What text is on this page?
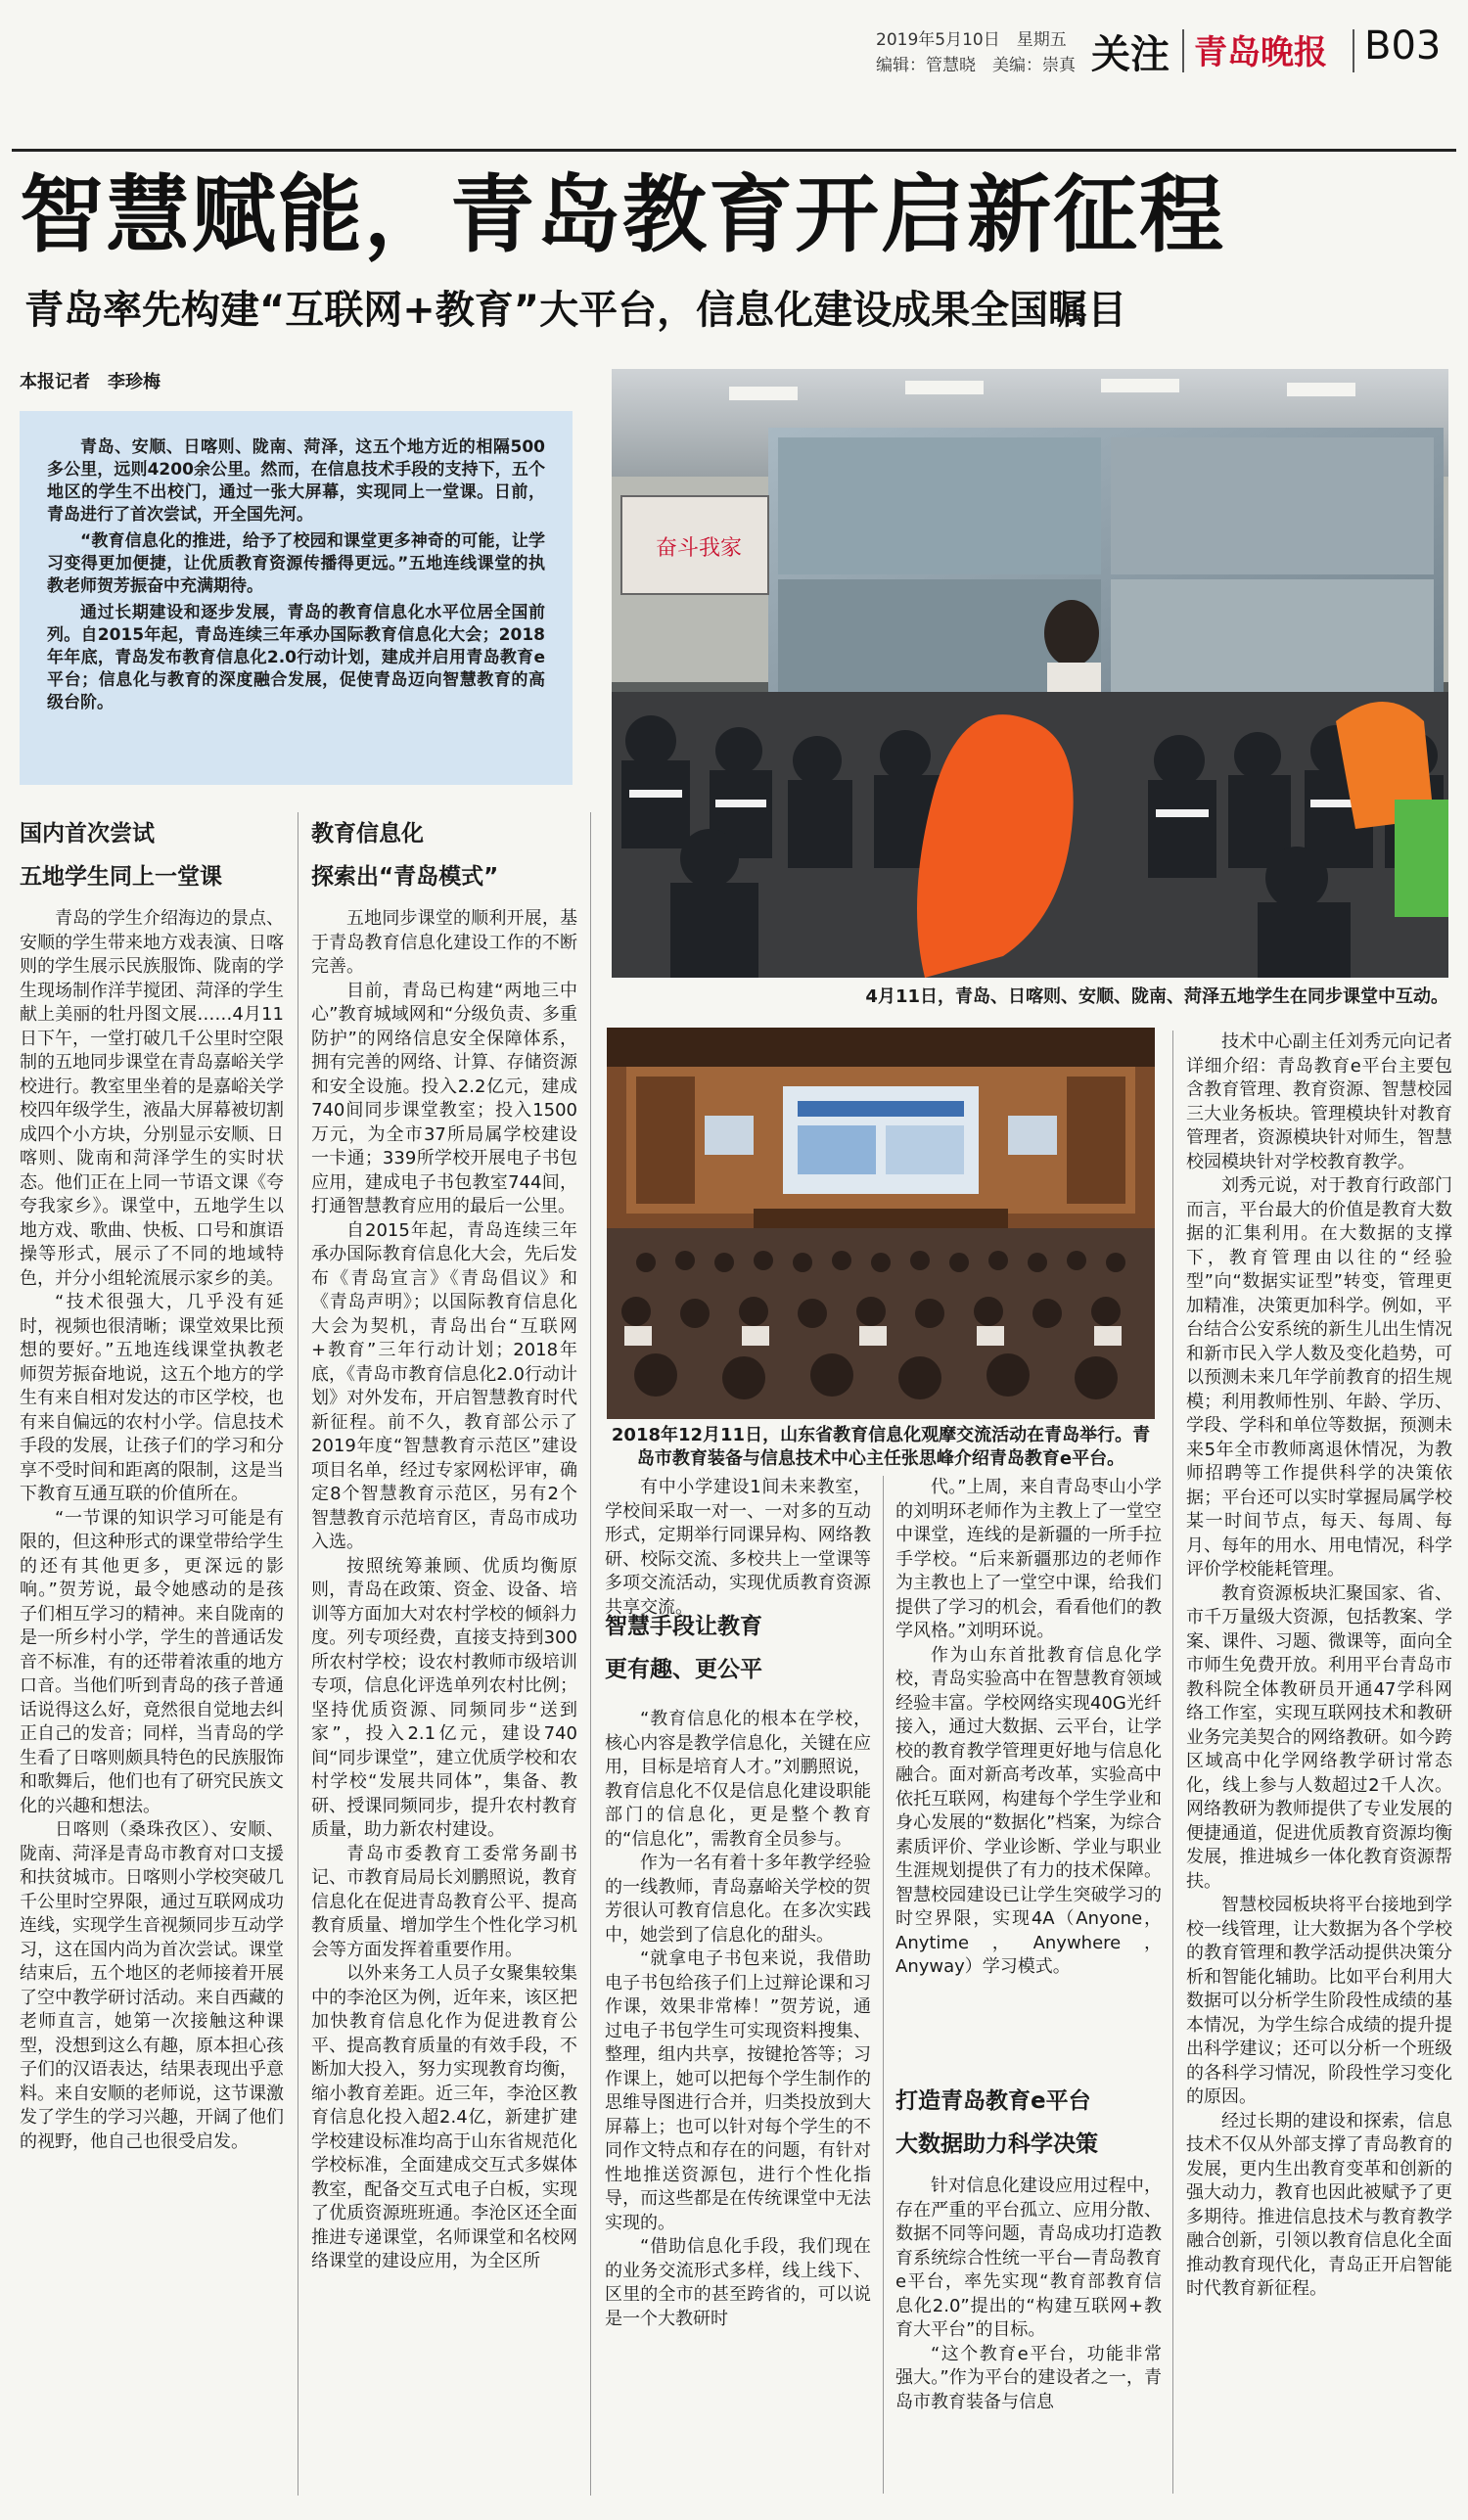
2019年5月10日　星期五
编辑：管慧晓　美编：崇真 关注 青岛晚报 B03
智慧赋能，青岛教育开启新征程
青岛率先构建“互联网+教育”大平台，信息化建设成果全国瞩目
本报记者　李珍梅

青岛、安顺、日喀则、陇南、菏泽，这五个地方近的相隔500多公里，远则4200余公里。然而，在信息技术手段的支持下，五个地区的学生不出校门，通过一张大屏幕，实现同上一堂课。日前，青岛进行了首次尝试，开全国先河。

“教育信息化的推进，给予了校园和课堂更多神奇的可能，让学习变得更加便捷，让优质教育资源传播得更远。”五地连线课堂的执教老师贺芳振奋中充满期待。

通过长期建设和逐步发展，青岛的教育信息化水平位居全国前列。自2015年起，青岛连续三年承办国际教育信息化大会；2018年年底，青岛发布教育信息化2.0行动计划，建成并启用青岛教育e平台；信息化与教育的深度融合发展，促使青岛迈向智慧教育的高级台阶。

奋斗我家
4月11日，青岛、日喀则、安顺、陇南、菏泽五地学生在同步课堂中互动。
2018年12月11日，山东省教育信息化观摩交流活动在青岛举行。青岛市教育装备与信息技术中心主任张思峰介绍青岛教育e平台。
国内首次尝试
五地学生同上一堂课

青岛的学生介绍海边的景点、安顺的学生带来地方戏表演、日喀则的学生展示民族服饰、陇南的学生现场制作洋芋搅团、菏泽的学生献上美丽的牡丹图文展……4月11日下午，一堂打破几千公里时空限制的五地同步课堂在青岛嘉峪关学校进行。教室里坐着的是嘉峪关学校四年级学生，液晶大屏幕被切割成四个小方块，分别显示安顺、日喀则、陇南和菏泽学生的实时状态。他们正在上同一节语文课《夸夸我家乡》。课堂中，五地学生以地方戏、歌曲、快板、口号和旗语操等形式，展示了不同的地域特色，并分小组轮流展示家乡的美。

“技术很强大，几乎没有延时，视频也很清晰；课堂效果比预想的要好。”五地连线课堂执教老师贺芳振奋地说，这五个地方的学生有来自相对发达的市区学校，也有来自偏远的农村小学。信息技术手段的发展，让孩子们的学习和分享不受时间和距离的限制，这是当下教育互通互联的价值所在。

“一节课的知识学习可能是有限的，但这种形式的课堂带给学生的还有其他更多，更深远的影响。”贺芳说，最令她感动的是孩子们相互学习的精神。来自陇南的是一所乡村小学，学生的普通话发音不标准，有的还带着浓重的地方口音。当他们听到青岛的孩子普通话说得这么好，竟然很自觉地去纠正自己的发音；同样，当青岛的学生看了日喀则颇具特色的民族服饰和歌舞后，他们也有了研究民族文化的兴趣和想法。

日喀则（桑珠孜区）、安顺、陇南、菏泽是青岛市教育对口支援和扶贫城市。日喀则小学校突破几千公里时空界限，通过互联网成功连线，实现学生音视频同步互动学习，这在国内尚为首次尝试。课堂结束后，五个地区的老师接着开展了空中教学研讨活动。来自西藏的老师直言，她第一次接触这种课型，没想到这么有趣，原本担心孩子们的汉语表达，结果表现出乎意料。来自安顺的老师说，这节课激发了学生的学习兴趣，开阔了他们的视野，他自己也很受启发。

教育信息化
探索出“青岛模式”

五地同步课堂的顺利开展，基于青岛教育信息化建设工作的不断完善。

目前，青岛已构建“两地三中心”教育城域网和“分级负责、多重防护”的网络信息安全保障体系，拥有完善的网络、计算、存储资源和安全设施。投入2.2亿元，建成740间同步课堂教室；投入1500万元，为全市37所局属学校建设一卡通；339所学校开展电子书包应用，建成电子书包教室744间，打通智慧教育应用的最后一公里。

自2015年起，青岛连续三年承办国际教育信息化大会，先后发布《青岛宣言》《青岛倡议》和《青岛声明》；以国际教育信息化大会为契机，青岛出台“互联网+教育”三年行动计划；2018年底，《青岛市教育信息化2.0行动计划》对外发布，开启智慧教育时代新征程。前不久，教育部公示了2019年度“智慧教育示范区”建设项目名单，经过专家网松评审，确定8个智慧教育示范区，另有2个智慧教育示范培育区，青岛市成功入选。

按照统筹兼顾、优质均衡原则，青岛在政策、资金、设备、培训等方面加大对农村学校的倾斜力度。列专项经费，直接支持到300所农村学校；设农村教师市级培训专项，信息化评选单列农村比例；坚持优质资源、同频同步“送到家”，投入2.1亿元，建设740间“同步课堂”，建立优质学校和农村学校“发展共同体”，集备、教研、授课同频同步，提升农村教育质量，助力新农村建设。

青岛市委教育工委常务副书记、市教育局局长刘鹏照说，教育信息化在促进青岛教育公平、提高教育质量、增加学生个性化学习机会等方面发挥着重要作用。

以外来务工人员子女聚集较集中的李沧区为例，近年来，该区把加快教育信息化作为促进教育公平、提高教育质量的有效手段，不断加大投入，努力实现教育均衡，缩小教育差距。近三年，李沧区教育信息化投入超2.4亿，新建扩建学校建设标准均高于山东省规范化学校标准，全面建成交互式多媒体教室，配备交互式电子白板，实现了优质资源班班通。李沧区还全面推进专递课堂，名师课堂和名校网络课堂的建设应用，为全区所

有中小学建设1间未来教室，学校间采取一对一、一对多的互动形式，定期举行同课异构、网络教研、校际交流、多校共上一堂课等多项交流活动，实现优质教育资源共享交流。

智慧手段让教育
更有趣、更公平

“教育信息化的根本在学校，核心内容是教学信息化，关键在应用，目标是培育人才。”刘鹏照说，教育信息化不仅是信息化建设职能部门的信息化，更是整个教育的“信息化”，需教育全员参与。

作为一名有着十多年教学经验的一线教师，青岛嘉峪关学校的贺芳很认可教育信息化。在多次实践中，她尝到了信息化的甜头。

“就拿电子书包来说，我借助电子书包给孩子们上过辩论课和习作课，效果非常棒！”贺芳说，通过电子书包学生可实现资料搜集、整理，组内共享，按键抢答等；习作课上，她可以把每个学生制作的思维导图进行合并，归类投放到大屏幕上；也可以针对每个学生的不同作文特点和存在的问题，有针对性地推送资源包，进行个性化指导，而这些都是在传统课堂中无法实现的。

“借助信息化手段，我们现在的业务交流形式多样，线上线下、区里的全市的甚至跨省的，可以说是一个大教研时

代。”上周，来自青岛枣山小学的刘明环老师作为主教上了一堂空中课堂，连线的是新疆的一所手拉手学校。“后来新疆那边的老师作为主教也上了一堂空中课，给我们提供了学习的机会，看看他们的教学风格。”刘明环说。

作为山东首批教育信息化学校，青岛实验高中在智慧教育领域经验丰富。学校网络实现40G光纤接入，通过大数据、云平台，让学校的教育教学管理更好地与信息化融合。面对新高考改革，实验高中依托互联网，构建每个学生学业和身心发展的“数据化”档案，为综合素质评价、学业诊断、学业与职业生涯规划提供了有力的技术保障。智慧校园建设已让学生突破学习的时空界限，实现4A（Anyone，Anytime，Anywhere，Anyway）学习模式。

打造青岛教育e平台
大数据助力科学决策

针对信息化建设应用过程中，存在严重的平台孤立、应用分散、数据不同等问题，青岛成功打造教育系统综合性统一平台—青岛教育e平台，率先实现“教育部教育信息化2.0”提出的“构建互联网+教育大平台”的目标。

“这个教育e平台，功能非常强大。”作为平台的建设者之一，青岛市教育装备与信息

技术中心副主任刘秀元向记者详细介绍：青岛教育e平台主要包含教育管理、教育资源、智慧校园三大业务板块。管理模块针对教育管理者，资源模块针对师生，智慧校园模块针对学校教育教学。

刘秀元说，对于教育行政部门而言，平台最大的价值是教育大数据的汇集利用。在大数据的支撑下，教育管理由以往的“经验型”向“数据实证型”转变，管理更加精准，决策更加科学。例如，平台结合公安系统的新生儿出生情况和新市民入学人数及变化趋势，可以预测未来几年学前教育的招生规模；利用教师性别、年龄、学历、学段、学科和单位等数据，预测未来5年全市教师离退休情况，为教师招聘等工作提供科学的决策依据；平台还可以实时掌握局属学校某一时间节点，每天、每周、每月、每年的用水、用电情况，科学评价学校能耗管理。

教育资源板块汇聚国家、省、市千万量级大资源，包括教案、学案、课件、习题、微课等，面向全市师生免费开放。利用平台青岛市教科院全体教研员开通47学科网络工作室，实现互联网技术和教研业务完美契合的网络教研。如今跨区域高中化学网络教学研讨常态化，线上参与人数超过2千人次。网络教研为教师提供了专业发展的便捷通道，促进优质教育资源均衡发展，推进城乡一体化教育资源帮扶。

智慧校园板块将平台接地到学校一线管理，让大数据为各个学校的教育管理和教学活动提供决策分析和智能化辅助。比如平台利用大数据可以分析学生阶段性成绩的基本情况，为学生综合成绩的提升提出科学建议；还可以分析一个班级的各科学习情况，阶段性学习变化的原因。

经过长期的建设和探索，信息技术不仅从外部支撑了青岛教育的发展，更内生出教育变革和创新的强大动力，教育也因此被赋予了更多期待。推进信息技术与教育教学融合创新，引领以教育信息化全面推动教育现代化，青岛正开启智能时代教育新征程。
